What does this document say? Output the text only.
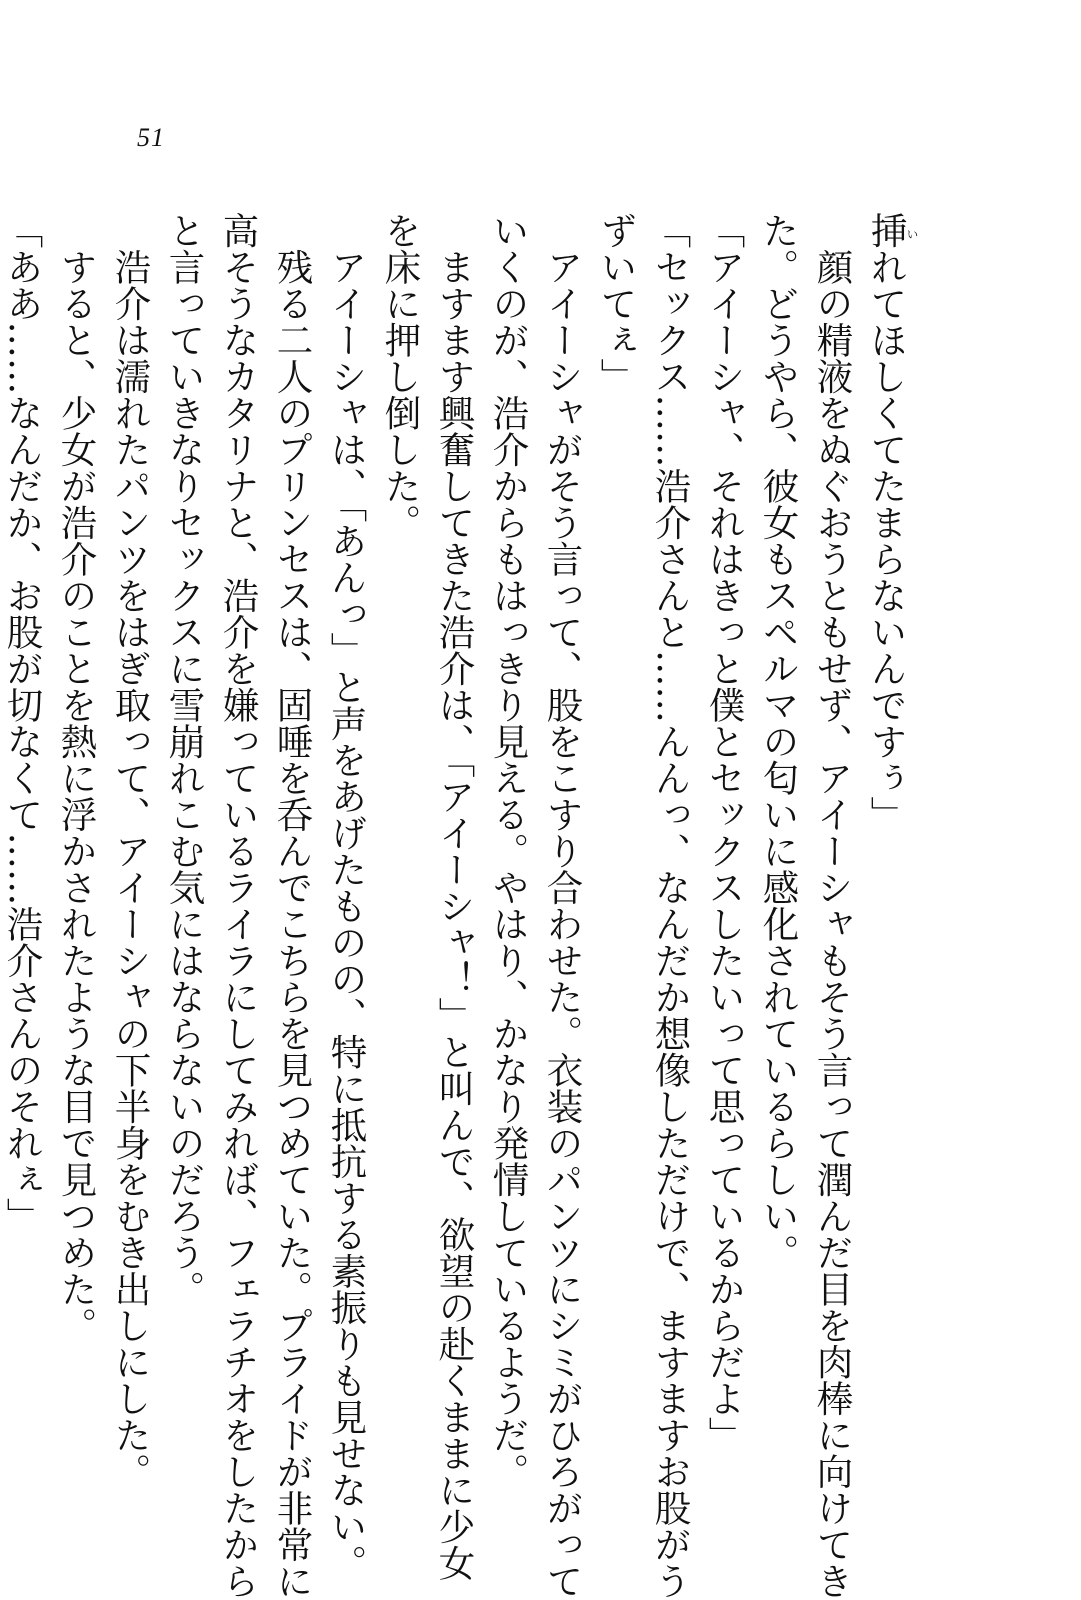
51
い
挿れてほしくてたまらないんですぅ」
　顔の精液をぬぐおうともせず、アイーシャもそう言って潤んだ目を肉棒に向けてき
た。どうやら、彼女もスペルマの匂いに感化されているらしい。
「アイーシャ、それはきっと僕とセックスしたいって思っているからだよ」
「セックス……浩介さんと……んんっ、なんだか想像しただけで、ますますお股がう
ずいてぇ」
　アイーシャがそう言って、股をこすり合わせた。衣装のパンツにシミがひろがって
いくのが、浩介からもはっきり見える。やはり、かなり発情しているようだ。
　ますます興奮してきた浩介は、「アイーシャ！」と叫んで、欲望の赴くままに少女
を床に押し倒した。
　アイーシャは、「あんっ」と声をあげたものの、特に抵抗する素振りも見せない。
　残る二人のプリンセスは、固唾を呑んでこちらを見つめていた。プライドが非常に
高そうなカタリナと、浩介を嫌っているライラにしてみれば、フェラチオをしたから
と言っていきなりセックスに雪崩れこむ気にはならないのだろう。
　浩介は濡れたパンツをはぎ取って、アイーシャの下半身をむき出しにした。
　すると、少女が浩介のことを熱に浮かされたような目で見つめた。
「ああ……なんだか、お股が切なくて……浩介さんのそれぇ」
